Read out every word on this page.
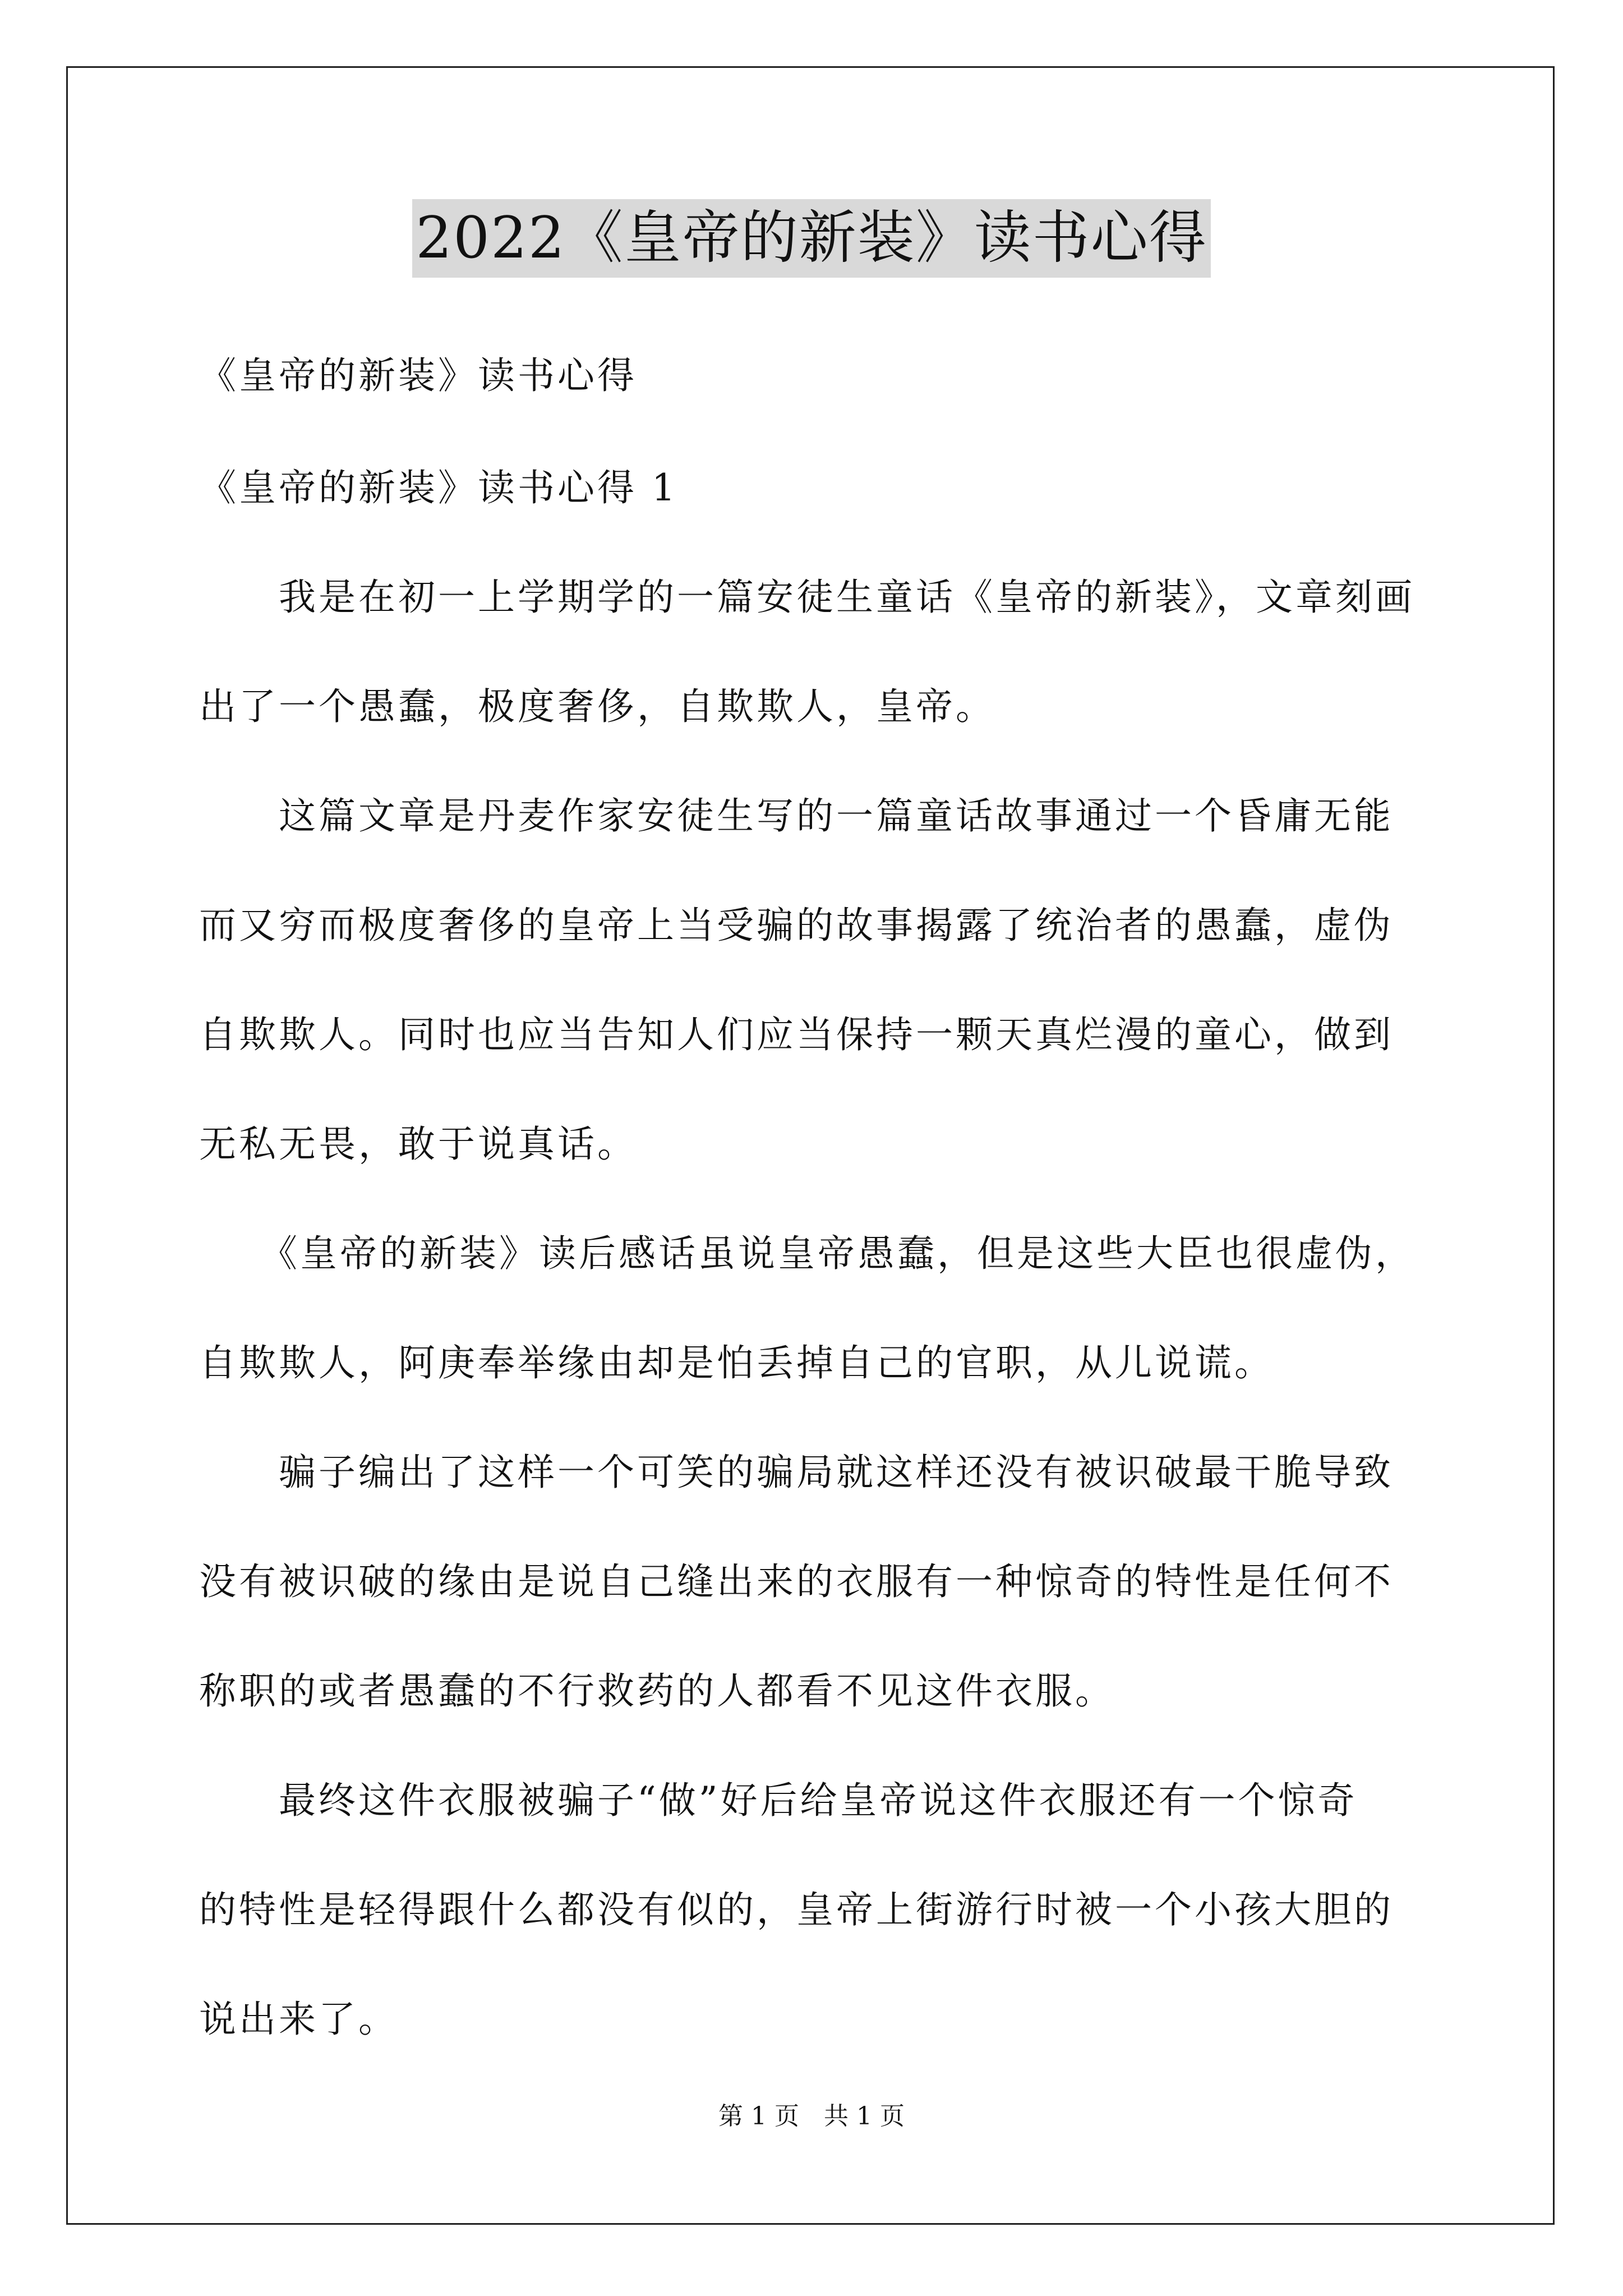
2022《皇帝的新装》读书心得
《皇帝的新装》读书心得
《皇帝的新装》读书心得 1
　　我是在初一上学期学的一篇安徒生童话《皇帝的新装》，文章刻画
出了一个愚蠢，极度奢侈，自欺欺人，皇帝。
　　这篇文章是丹麦作家安徒生写的一篇童话故事通过一个昏庸无能
而又穷而极度奢侈的皇帝上当受骗的故事揭露了统治者的愚蠢，虚伪
自欺欺人。同时也应当告知人们应当保持一颗天真烂漫的童心，做到
无私无畏，敢于说真话。
　　《皇帝的新装》读后感话虽说皇帝愚蠢，但是这些大臣也很虚伪，
自欺欺人，阿庚奉举缘由却是怕丢掉自己的官职，从儿说谎。
　　骗子编出了这样一个可笑的骗局就这样还没有被识破最干脆导致
没有被识破的缘由是说自己缝出来的衣服有一种惊奇的特性是任何不
称职的或者愚蠢的不行救药的人都看不见这件衣服。
　　最终这件衣服被骗子“做”好后给皇帝说这件衣服还有一个惊奇
的特性是轻得跟什么都没有似的，皇帝上街游行时被一个小孩大胆的
说出来了。
第 1 页　共 1 页
